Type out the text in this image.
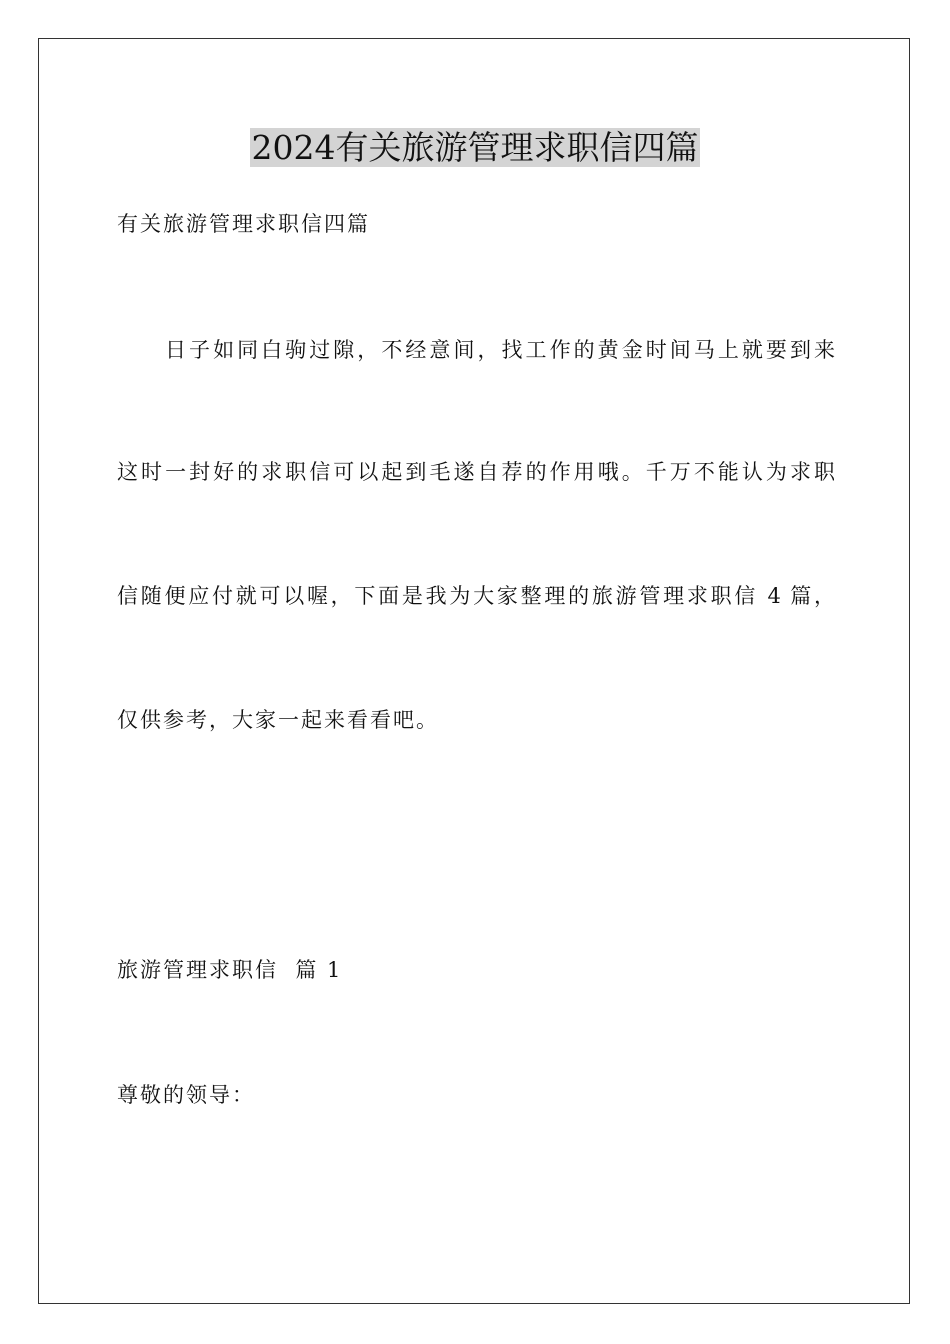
2024有关旅游管理求职信四篇

有关旅游管理求职信四篇

日子如同白驹过隙，不经意间，找工作的黄金时间马上就要到来

这时一封好的求职信可以起到毛遂自荐的作用哦。千万不能认为求职

信随便应付就可以喔，下面是我为大家整理的旅游管理求职信 4 篇，

仅供参考，大家一起来看看吧。

旅游管理求职信  篇 1

尊敬的领导：
